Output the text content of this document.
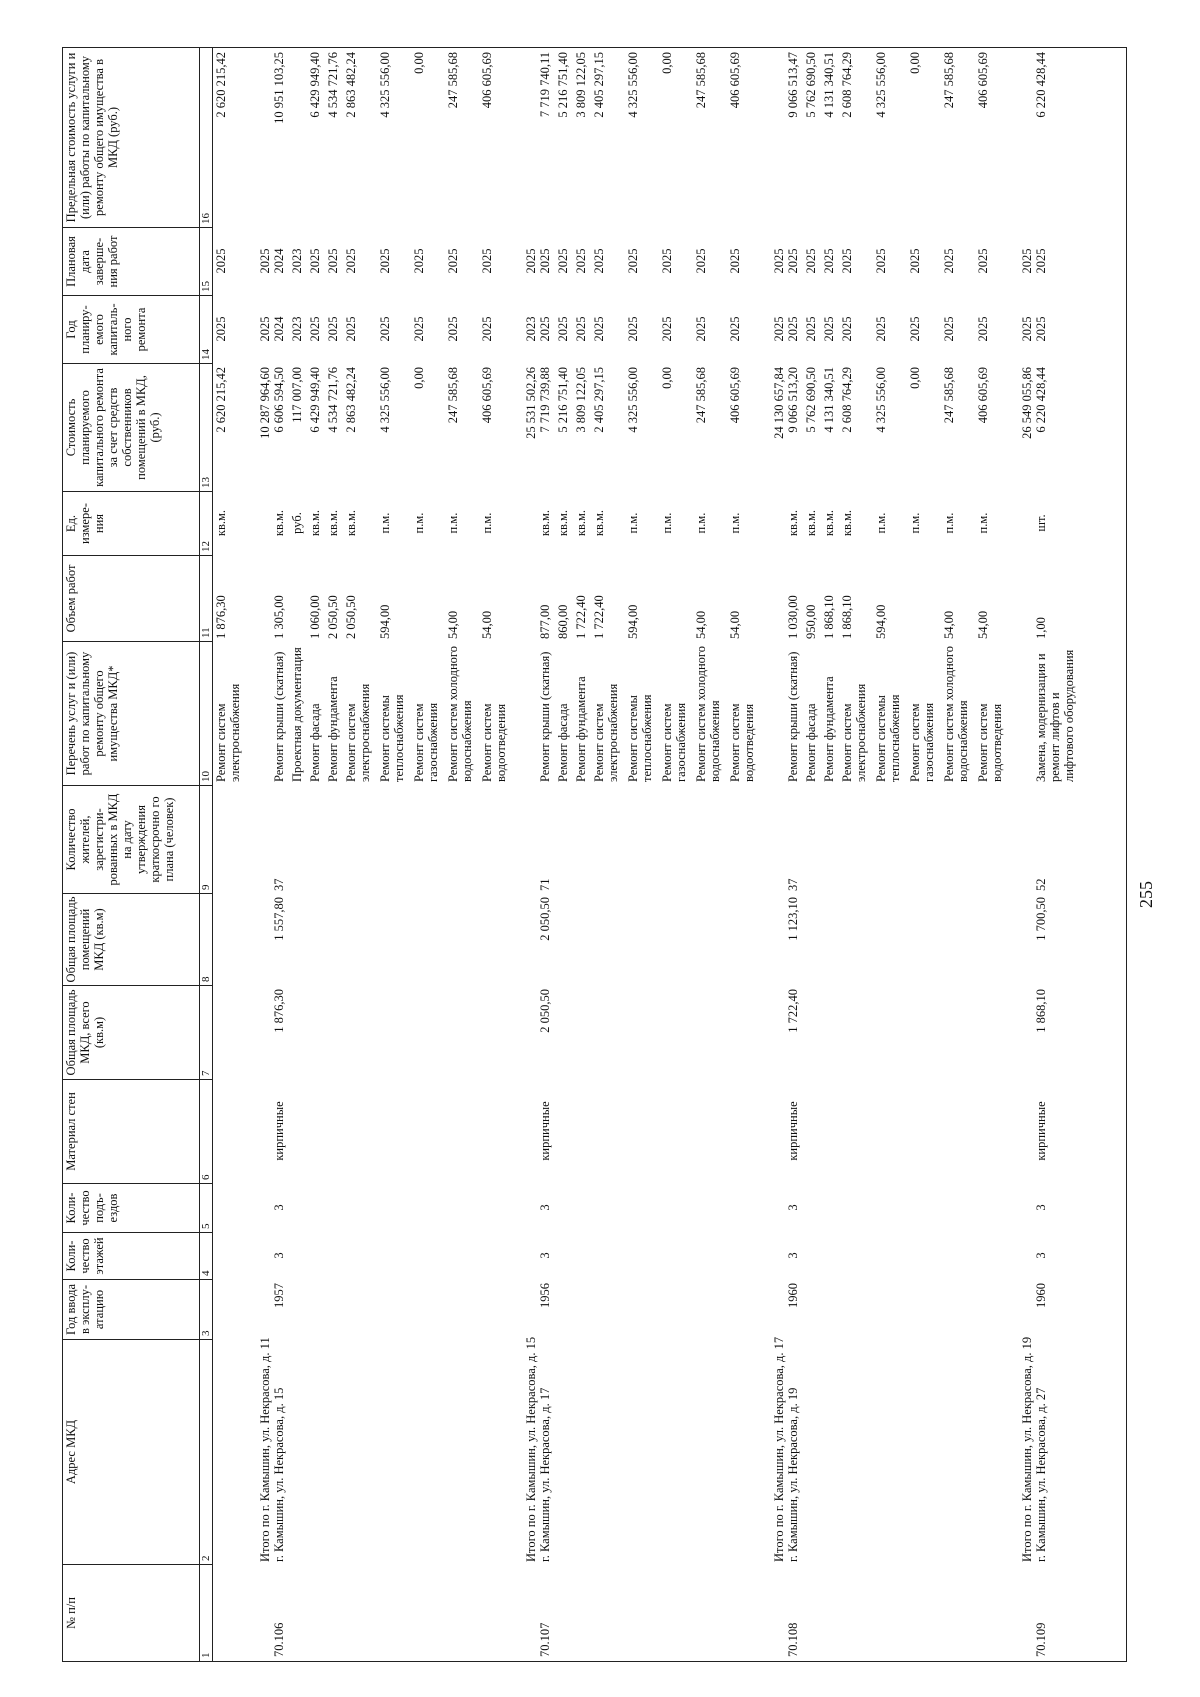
255
№ п/п
1
Адрес МКД
2
Год ввода в эксплу-атацию
3
Коли-чество этажей	4
Коли-чество подъ-ездов
5
Материал стен
6
Общая площадь МКД, всего (кв.м)
7
Общая площадь помещений МКД (кв.м)
8
Количество жителей, зарегистри-рованных в МКД на дату утверждения краткосрочно го плана (человек)
9
Перечень услуг и (или) работ по капитальному ремонту общего имущества МКД*
10
Объем работ
11
Ед. измере-ния
12
Стоимость планируемого капитального ремонта за счет средств собственников помещений в МКД, (руб.)
13
Год планиру-емого капиталь-ного ремонта
14
Плановая дата заверше-ния работ	15
Предельная стоимость услуги и (или) работы по капитальному ремонту общего имущества в МКД (руб.)
16
Ремонт систем
электроснабжения
1 876,30
кв.м.
2 620 215,42
2025
2025
2 620 215,42
Итого по г. Камышин, ул. Некрасова, д. 11
10 287 964,60
2025
2025
70.106
г. Камышин, ул. Некрасова, д. 15
1957
3
3
кирпичные
1 876,30
1 557,80
37
Ремонт крыши (скатная)
1 305,00
кв.м.
6 606 594,50
2024
2024
10 951 103,25
Проектная документация
руб.
117 007,00
2023
2023
Ремонт фасада
1 060,00
кв.м.
6 429 949,40
2025
2025
6 429 949,40
Ремонт фундамента
2 050,50
кв.м.
4 534 721,76
2025
2025
4 534 721,76
Ремонт систем
электроснабжения
2 050,50
кв.м.
2 863 482,24
2025
2025
2 863 482,24
Ремонт системы
теплоснабжения
594,00
п.м.
4 325 556,00
2025
2025
4 325 556,00
Ремонт систем
газоснабжения
п.м.
0,00
2025
2025
0,00
Ремонт систем холодного
водоснабжения
54,00
п.м.
247 585,68
2025
2025
247 585,68
Ремонт систем
водоотведения
54,00
п.м.
406 605,69
2025
2025
406 605,69
Итого по г. Камышин, ул. Некрасова, д. 15
25 531 502,26
2023
2025
70.107
г. Камышин, ул. Некрасова, д. 17
1956
3
3
кирпичные
2 050,50
2 050,50
71
Ремонт крыши (скатная)
877,00
кв.м.
7 719 739,88
2025
2025
7 719 740,11
Ремонт фасада
860,00
кв.м.
5 216 751,40
2025
2025
5 216 751,40
Ремонт фундамента
1 722,40
кв.м.
3 809 122,05
2025
2025
3 809 122,05
Ремонт систем
электроснабжения
1 722,40
кв.м.
2 405 297,15
2025
2025
2 405 297,15
Ремонт системы
теплоснабжения
594,00
п.м.
4 325 556,00
2025
2025
4 325 556,00
Ремонт систем
газоснабжения
п.м.
0,00
2025
2025
0,00
Ремонт систем холодного
водоснабжения
54,00
п.м.
247 585,68
2025
2025
247 585,68
Ремонт систем
водоотведения
54,00
п.м.
406 605,69
2025
2025
406 605,69
Итого по г. Камышин, ул. Некрасова, д. 17
24 130 657,84
2025
2025
70.108
г. Камышин, ул. Некрасова, д. 19
1960
3
3
кирпичные
1 722,40
1 123,10
37
Ремонт крыши (скатная)
1 030,00
кв.м.
9 066 513,20
2025
2025
9 066 513,47
Ремонт фасада
950,00
кв.м.
5 762 690,50
2025
2025
5 762 690,50
Ремонт фундамента
1 868,10
кв.м.
4 131 340,51
2025
2025
4 131 340,51
Ремонт систем
электроснабжения
1 868,10
кв.м.
2 608 764,29
2025
2025
2 608 764,29
Ремонт системы
теплоснабжения
594,00
п.м.
4 325 556,00
2025
2025
4 325 556,00
Ремонт систем
газоснабжения
п.м.
0,00
2025
2025
0,00
Ремонт систем холодного
водоснабжения
54,00
п.м.
247 585,68
2025
2025
247 585,68
Ремонт систем
водоотведения
54,00
п.м.
406 605,69
2025
2025
406 605,69
Итого по г. Камышин, ул. Некрасова, д. 19
26 549 055,86
2025
2025
70.109
г. Камышин, ул. Некрасова, д. 27
1960
3
3
кирпичные
1 868,10
1 700,50
52
Замена, модернизация и
ремонт лифтов и
лифтового оборудования
1,00
шт.
6 220 428,44
2025
2025
6 220 428,44
